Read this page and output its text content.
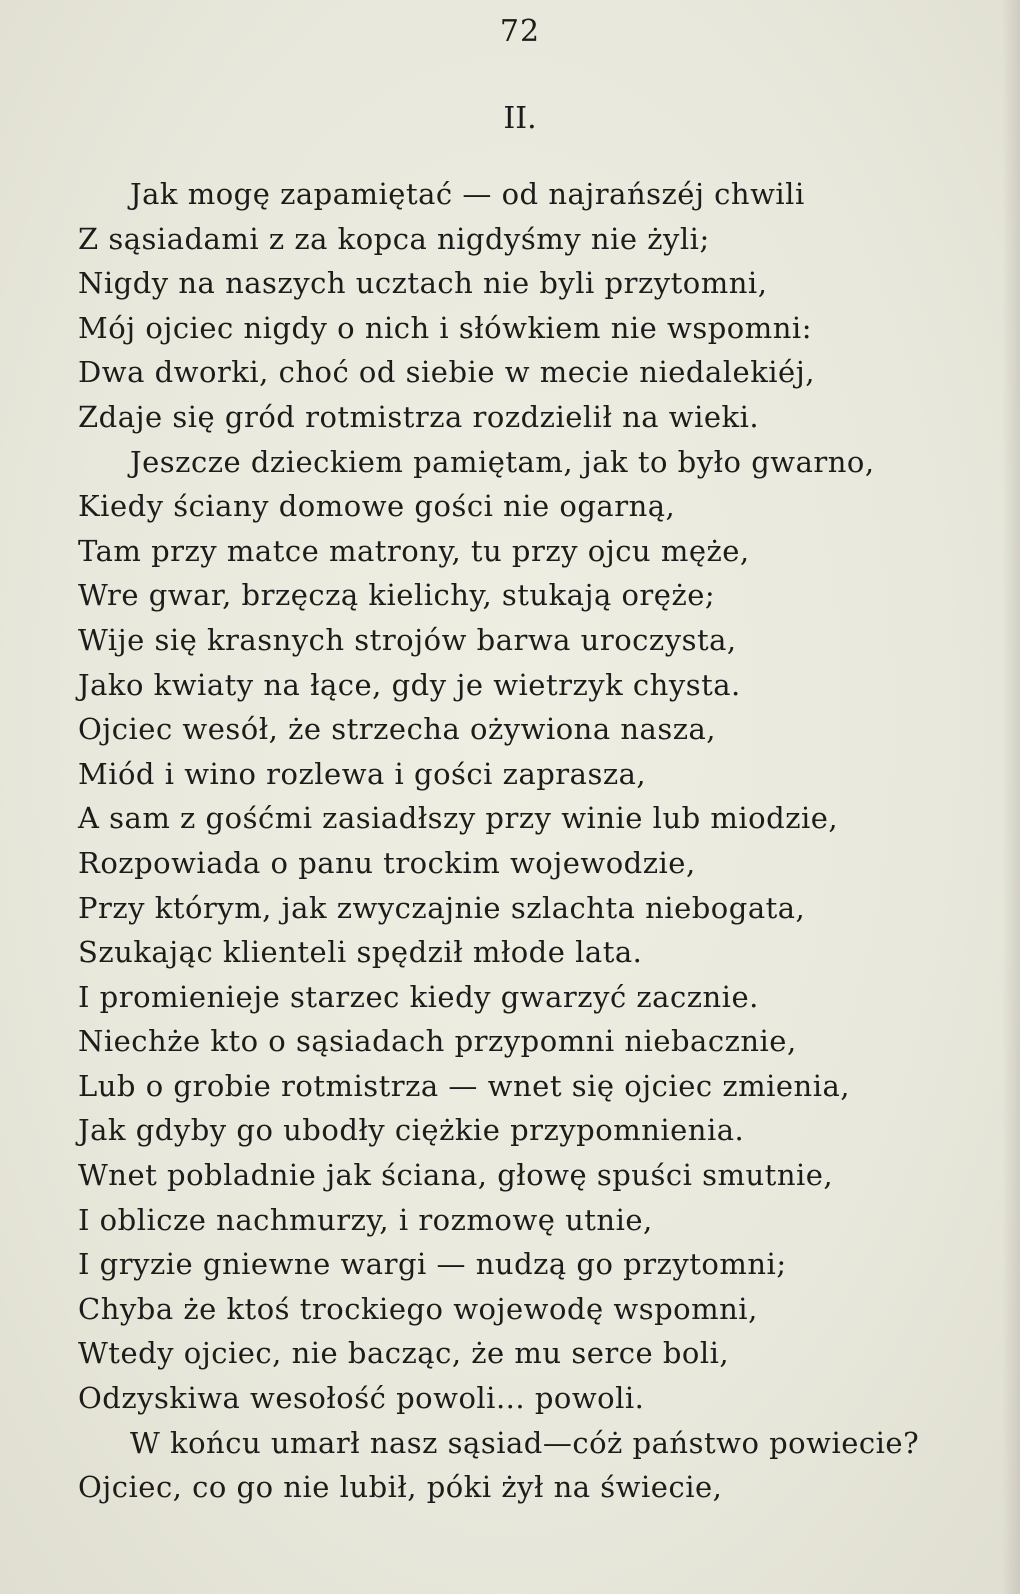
72
II.
Jak mogę zapamiętać — od najrańszéj chwili
Z sąsiadami z za kopca nigdyśmy nie żyli;
Nigdy na naszych ucztach nie byli przytomni,
Mój ojciec nigdy o nich i słówkiem nie wspomni:
Dwa dworki, choć od siebie w mecie niedalekiéj,
Zdaje się gród rotmistrza rozdzielił na wieki.
Jeszcze dzieckiem pamiętam, jak to było gwarno,
Kiedy ściany domowe gości nie ogarną,
Tam przy matce matrony, tu przy ojcu męże,
Wre gwar, brzęczą kielichy, stukają oręże;
Wije się krasnych strojów barwa uroczysta,
Jako kwiaty na łące, gdy je wietrzyk chysta.
Ojciec wesół, że strzecha ożywiona nasza,
Miód i wino rozlewa i gości zaprasza,
A sam z gośćmi zasiadłszy przy winie lub miodzie,
Rozpowiada o panu trockim wojewodzie,
Przy którym, jak zwyczajnie szlachta niebogata,
Szukając klienteli spędził młode lata.
I promienieje starzec kiedy gwarzyć zacznie.
Niechże kto o sąsiadach przypomni niebacznie,
Lub o grobie rotmistrza — wnet się ojciec zmienia,
Jak gdyby go ubodły ciężkie przypomnienia.
Wnet pobladnie jak ściana, głowę spuści smutnie,
I oblicze nachmurzy, i rozmowę utnie,
I gryzie gniewne wargi — nudzą go przytomni;
Chyba że ktoś trockiego wojewodę wspomni,
Wtedy ojciec, nie bacząc, że mu serce boli,
Odzyskiwa wesołość powoli... powoli.
W końcu umarł nasz sąsiad—cóż państwo powiecie?
Ojciec, co go nie lubił, póki żył na świecie,
